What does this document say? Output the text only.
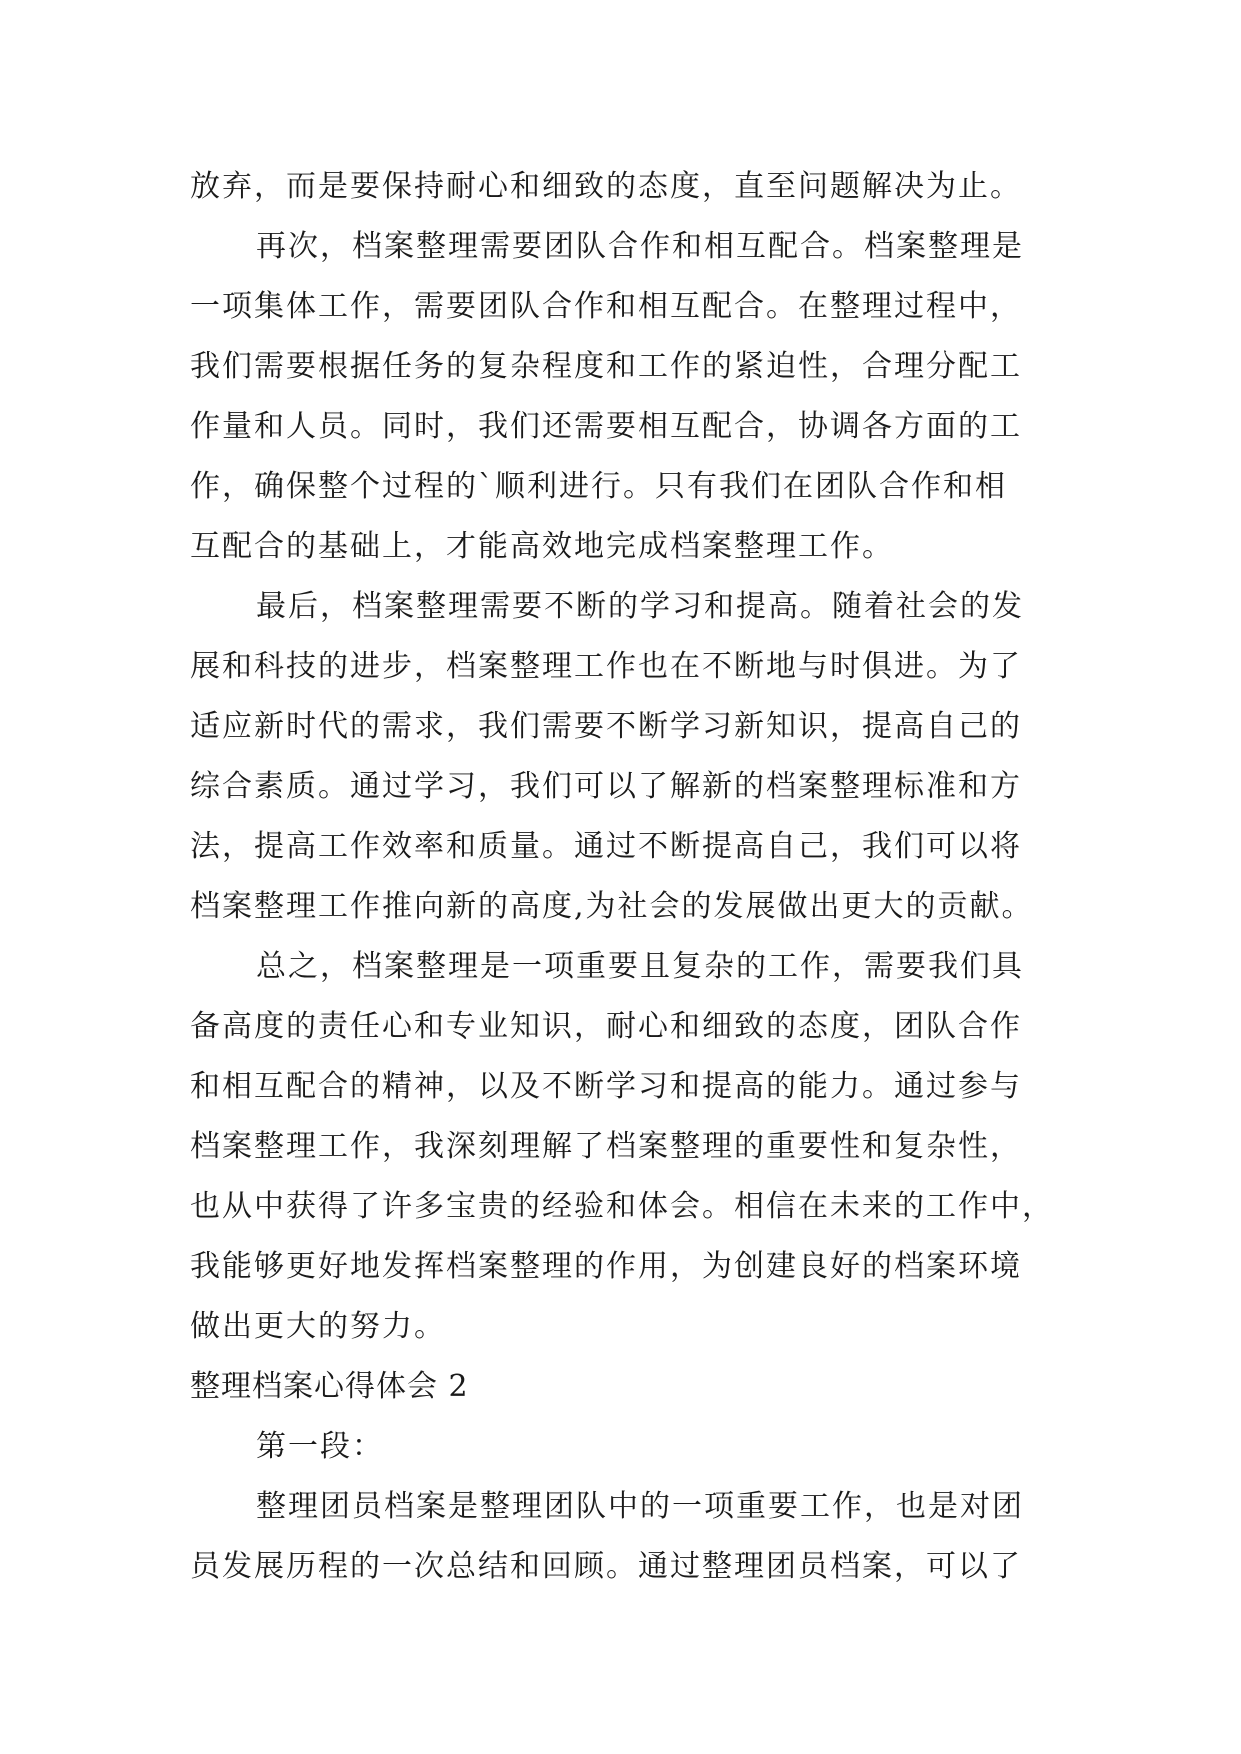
放弃，而是要保持耐心和细致的态度，直至问题解决为止。
再次，档案整理需要团队合作和相互配合。档案整理是
一项集体工作，需要团队合作和相互配合。在整理过程中，
我们需要根据任务的复杂程度和工作的紧迫性，合理分配工
作量和人员。同时，我们还需要相互配合，协调各方面的工
作，确保整个过程的`顺利进行。只有我们在团队合作和相
互配合的基础上，才能高效地完成档案整理工作。
最后，档案整理需要不断的学习和提高。随着社会的发
展和科技的进步，档案整理工作也在不断地与时俱进。为了
适应新时代的需求，我们需要不断学习新知识，提高自己的
综合素质。通过学习，我们可以了解新的档案整理标准和方
法，提高工作效率和质量。通过不断提高自己，我们可以将
档案整理工作推向新的高度,为社会的发展做出更大的贡献。
总之，档案整理是一项重要且复杂的工作，需要我们具
备高度的责任心和专业知识，耐心和细致的态度，团队合作
和相互配合的精神，以及不断学习和提高的能力。通过参与
档案整理工作，我深刻理解了档案整理的重要性和复杂性，
也从中获得了许多宝贵的经验和体会。相信在未来的工作中，
我能够更好地发挥档案整理的作用，为创建良好的档案环境
做出更大的努力。
整理档案心得体会 2
第一段：
整理团员档案是整理团队中的一项重要工作，也是对团
员发展历程的一次总结和回顾。通过整理团员档案，可以了
